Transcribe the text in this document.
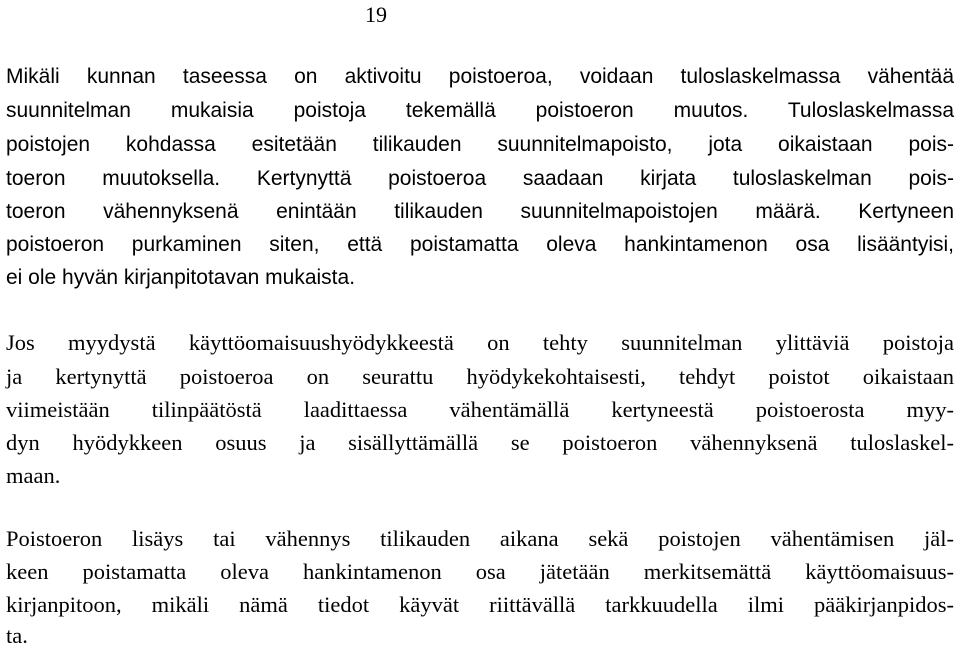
19

Mikäli kunnan taseessa on aktivoitu poistoeroa, voidaan tuloslaskelmassa vähentää

suunnitelman mukaisia poistoja tekemällä poistoeron muutos. Tuloslaskelmassa

poistojen kohdassa esitetään tilikauden suunnitelmapoisto, jota oikaistaan pois-

toeron muutoksella. Kertynyttä poistoeroa saadaan kirjata tuloslaskelman pois-

toeron vähennyksenä enintään tilikauden suunnitelmapoistojen määrä. Kertyneen

poistoeron purkaminen siten, että poistamatta oleva hankintamenon osa lisääntyisi,

ei ole hyvän kirjanpitotavan mukaista.

Jos myydystä käyttöomaisuushyödykkeestä on tehty suunnitelman ylittäviä poistoja

ja kertynyttä poistoeroa on seurattu hyödykekohtaisesti, tehdyt poistot oikaistaan

viimeistään tilinpäätöstä laadittaessa vähentämällä kertyneestä poistoerosta myy-

dyn hyödykkeen osuus ja sisällyttämällä se poistoeron vähennyksenä tuloslaskel-

maan.

Poistoeron lisäys tai vähennys tilikauden aikana sekä poistojen vähentämisen jäl-

keen poistamatta oleva hankintamenon osa jätetään merkitsemättä käyttöomaisuus-

kirjanpitoon, mikäli nämä tiedot käyvät riittävällä tarkkuudella ilmi pääkirjanpidos-

ta.
